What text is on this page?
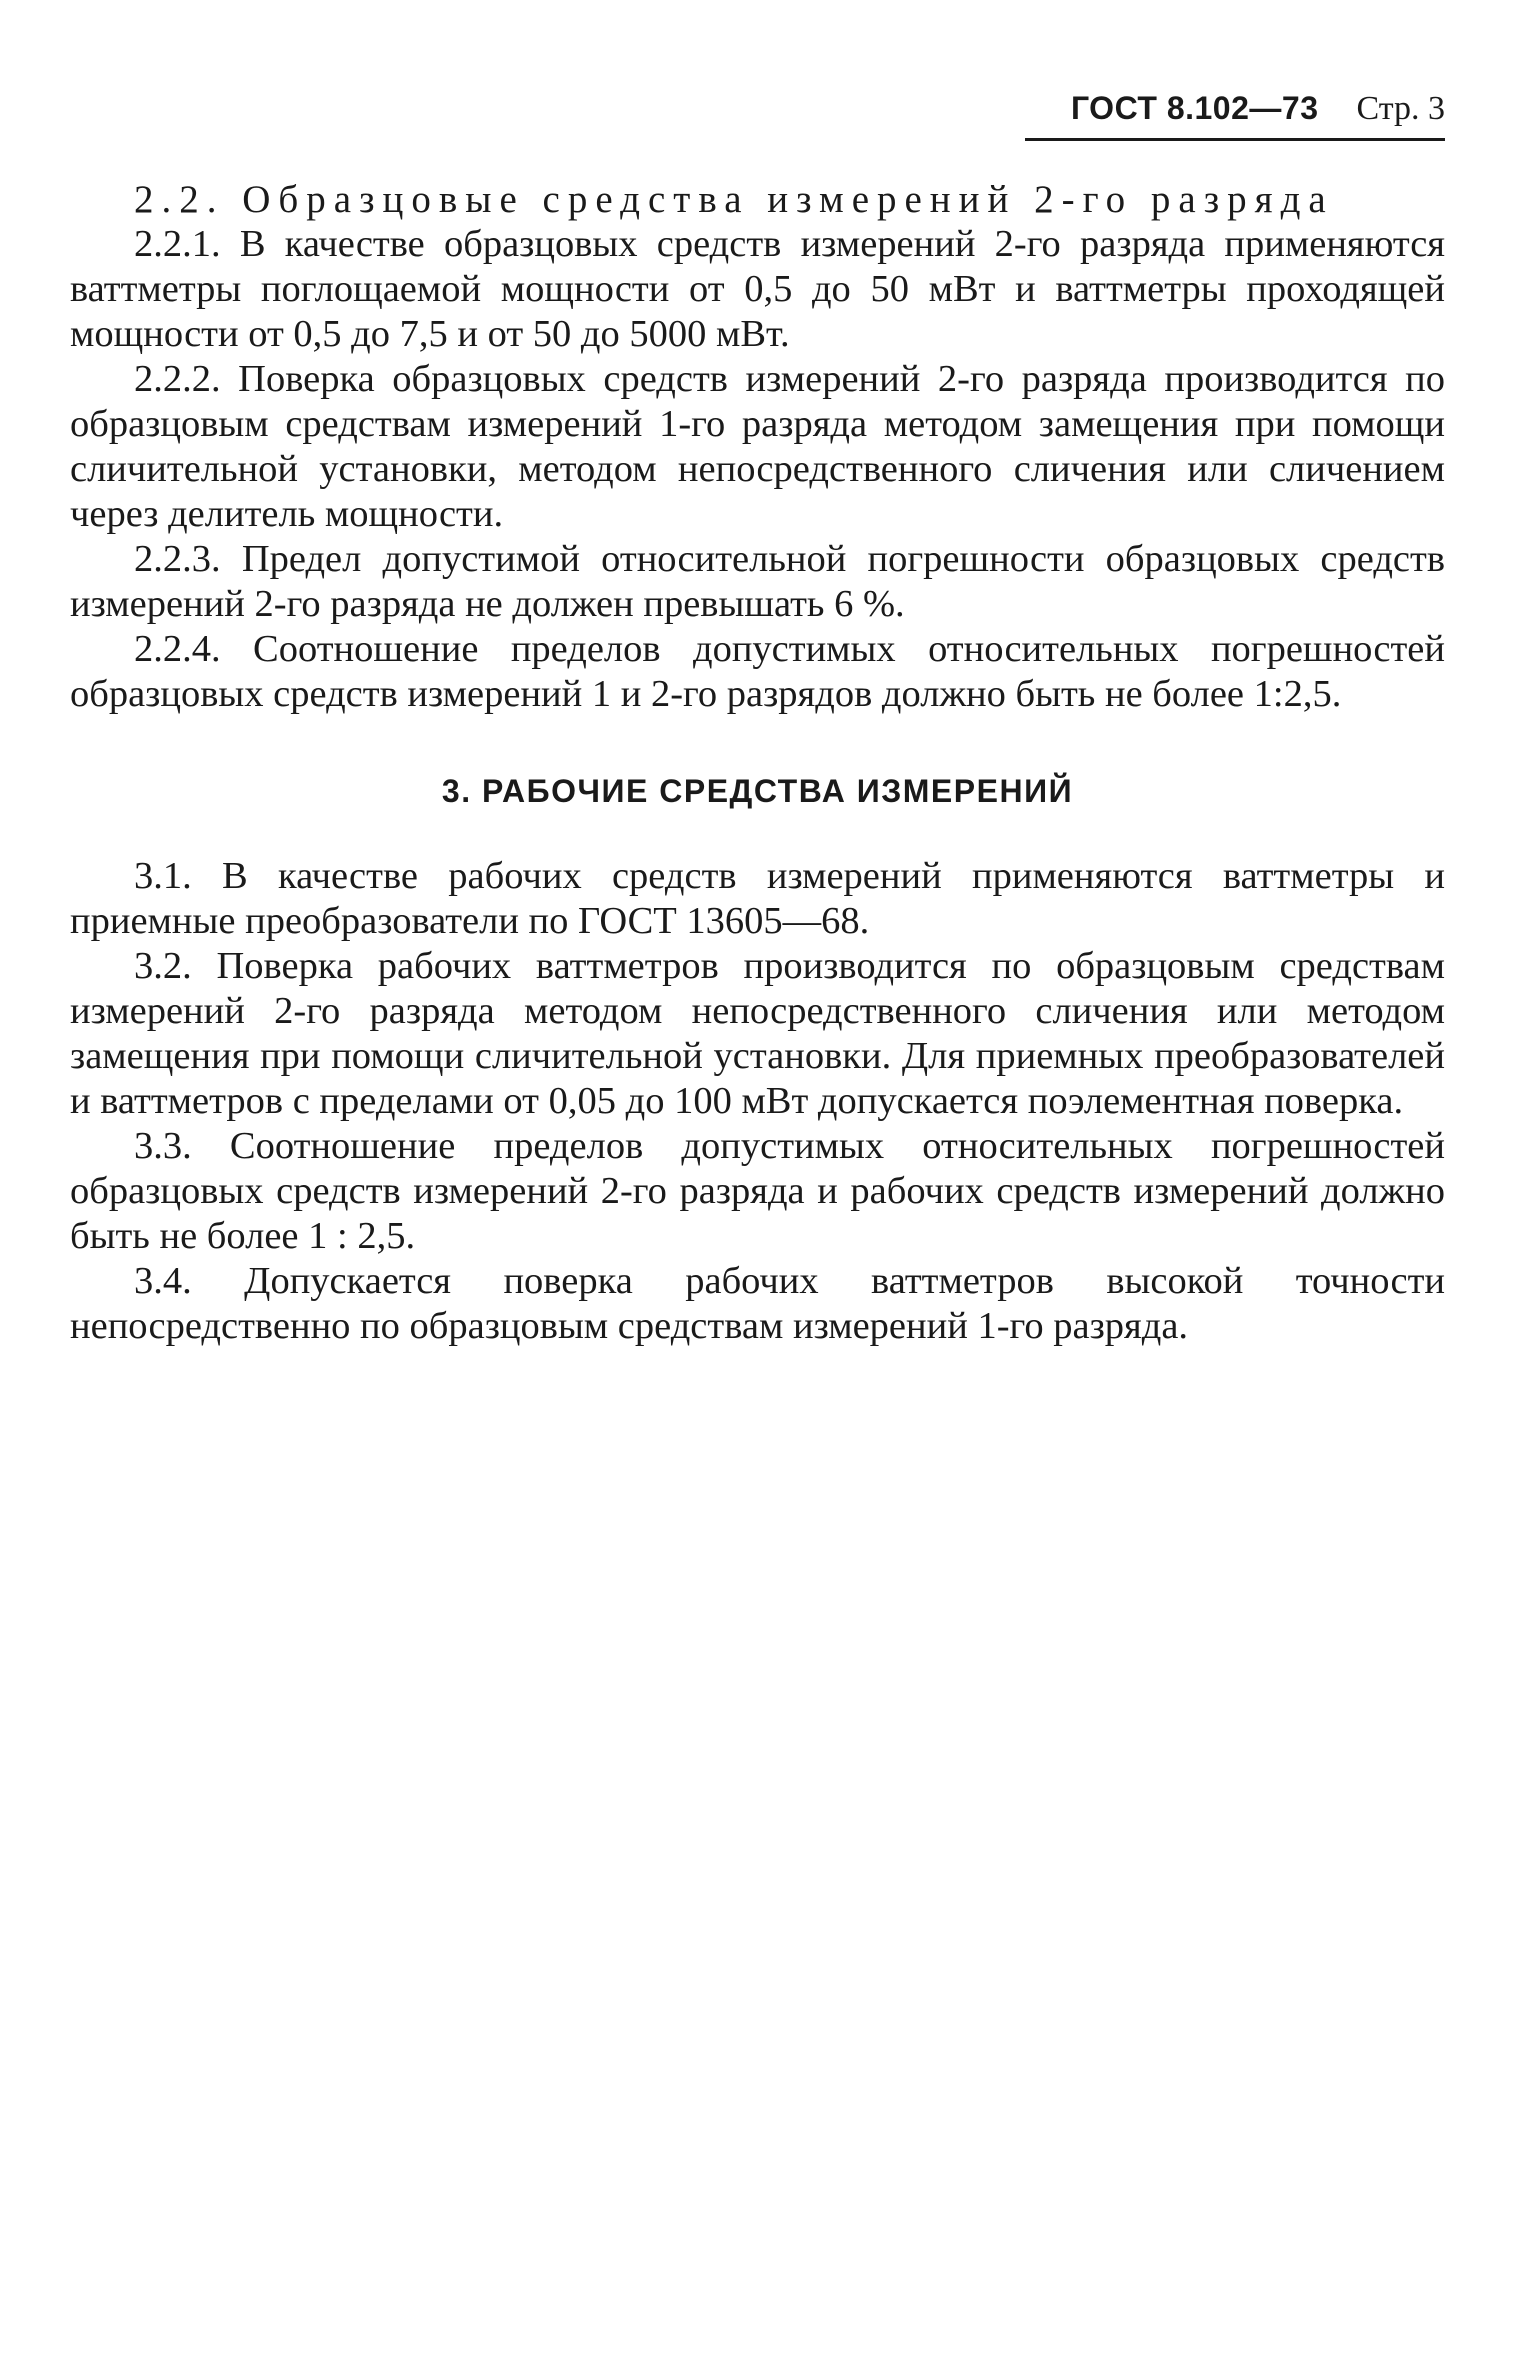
ГОСТ 8.102—73 Стр. 3

2.2. Образцовые средства измерений 2-го разряда

2.2.1. В качестве образцовых средств измерений 2-го разряда применяются ваттметры поглощаемой мощности от 0,5 до 50 мВт и ваттметры проходящей мощности от 0,5 до 7,5 и от 50 до 5000 мВт.

2.2.2. Поверка образцовых средств измерений 2-го разряда производится по образцовым средствам измерений 1-го разряда методом замещения при помощи сличительной установки, методом непосредственного сличения или сличением через делитель мощности.

2.2.3. Предел допустимой относительной погрешности образцовых средств измерений 2-го разряда не должен превышать 6 %.

2.2.4. Соотношение пределов допустимых относительных погрешностей образцовых средств измерений 1 и 2-го разрядов должно быть не более 1:2,5.

3. РАБОЧИЕ СРЕДСТВА ИЗМЕРЕНИЙ

3.1. В качестве рабочих средств измерений применяются ваттметры и приемные преобразователи по ГОСТ 13605—68.

3.2. Поверка рабочих ваттметров производится по образцовым средствам измерений 2-го разряда методом непосредственного сличения или методом замещения при помощи сличительной установки. Для приемных преобразователей и ваттметров с пределами от 0,05 до 100 мВт допускается поэлементная поверка.

3.3. Соотношение пределов допустимых относительных погрешностей образцовых средств измерений 2-го разряда и рабочих средств измерений должно быть не более 1 : 2,5.

3.4. Допускается поверка рабочих ваттметров высокой точности непосредственно по образцовым средствам измерений 1-го разряда.
